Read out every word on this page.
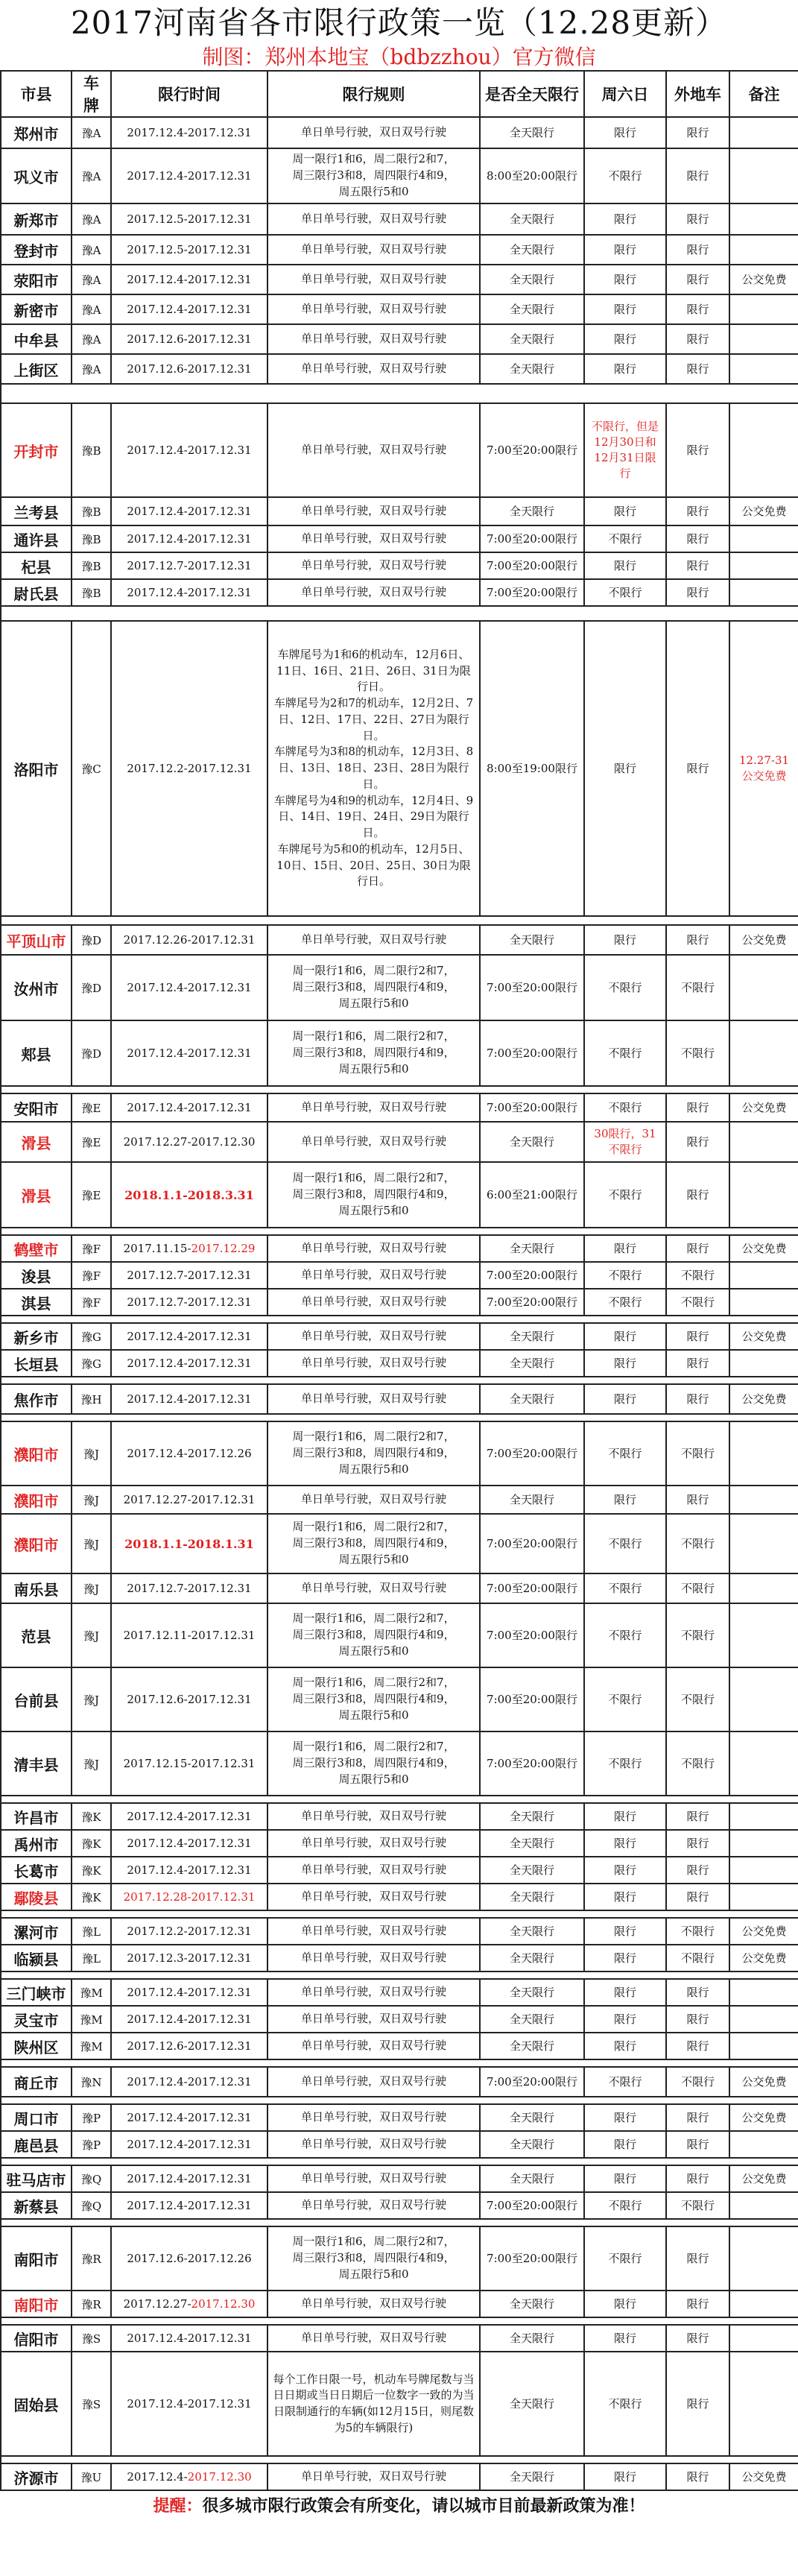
2017河南省各市限行政策一览（12.28更新）
制图：郑州本地宝（bdbzzhou）官方微信
市县	车牌	限行时间	限行规则	是否全天限行	周六日	外地车	备注
郑州市	豫A	2017.12.4-2017.12.31	单日单号行驶，双日双号行驶	全天限行	限行	限行	
巩义市	豫A	2017.12.4-2017.12.31	周一限行1和6，周二限行2和7，
周三限行3和8，周四限行4和9，
周五限行5和0	8:00至20:00限行	不限行	限行	
新郑市	豫A	2017.12.5-2017.12.31	单日单号行驶，双日双号行驶	全天限行	限行	限行	
登封市	豫A	2017.12.5-2017.12.31	单日单号行驶，双日双号行驶	全天限行	限行	限行	
荥阳市	豫A	2017.12.4-2017.12.31	单日单号行驶，双日双号行驶	全天限行	限行	限行	公交免费
新密市	豫A	2017.12.4-2017.12.31	单日单号行驶，双日双号行驶	全天限行	限行	限行	
中牟县	豫A	2017.12.6-2017.12.31	单日单号行驶，双日双号行驶	全天限行	限行	限行	
上街区	豫A	2017.12.6-2017.12.31	单日单号行驶，双日双号行驶	全天限行	限行	限行	

开封市	豫B	2017.12.4-2017.12.31	单日单号行驶，双日双号行驶	7:00至20:00限行	不限行，但是12月30日和12月31日限行	限行	
兰考县	豫B	2017.12.4-2017.12.31	单日单号行驶，双日双号行驶	全天限行	限行	限行	公交免费
通许县	豫B	2017.12.4-2017.12.31	单日单号行驶，双日双号行驶	7:00至20:00限行	不限行	限行	
杞县	豫B	2017.12.7-2017.12.31	单日单号行驶，双日双号行驶	7:00至20:00限行	限行	限行	
尉氏县	豫B	2017.12.4-2017.12.31	单日单号行驶，双日双号行驶	7:00至20:00限行	不限行	限行	

洛阳市	豫C	2017.12.2-2017.12.31	车牌尾号为1和6的机动车，12月6日、11日、16日、21日、26日、31日为限行日。
车牌尾号为2和7的机动车，12月2日、7日、12日、17日、22日、27日为限行日。
车牌尾号为3和8的机动车，12月3日、8日、13日、18日、23日、28日为限行日。
车牌尾号为4和9的机动车，12月4日、9日、14日、19日、24日、29日为限行日。
车牌尾号为5和0的机动车，12月5日、10日、15日、20日、25日、30日为限行日。	8:00至19:00限行	限行	限行	12.27-31公交免费

平顶山市	豫D	2017.12.26-2017.12.31	单日单号行驶，双日双号行驶	全天限行	限行	限行	公交免费
汝州市	豫D	2017.12.4-2017.12.31	周一限行1和6，周二限行2和7，
周三限行3和8，周四限行4和9，
周五限行5和0	7:00至20:00限行	不限行	不限行	
郏县	豫D	2017.12.4-2017.12.31	周一限行1和6，周二限行2和7，
周三限行3和8，周四限行4和9，
周五限行5和0	7:00至20:00限行	不限行	不限行	

安阳市	豫E	2017.12.4-2017.12.31	单日单号行驶，双日双号行驶	7:00至20:00限行	不限行	限行	公交免费
滑县	豫E	2017.12.27-2017.12.30	单日单号行驶，双日双号行驶	全天限行	30限行，31不限行	限行	
滑县	豫E	2018.1.1-2018.3.31	周一限行1和6，周二限行2和7，
周三限行3和8，周四限行4和9，
周五限行5和0	6:00至21:00限行	不限行	限行	

鹤壁市	豫F	2017.11.15-2017.12.29	单日单号行驶，双日双号行驶	全天限行	限行	限行	公交免费
浚县	豫F	2017.12.7-2017.12.31	单日单号行驶，双日双号行驶	7:00至20:00限行	不限行	不限行	
淇县	豫F	2017.12.7-2017.12.31	单日单号行驶，双日双号行驶	7:00至20:00限行	不限行	不限行	

新乡市	豫G	2017.12.4-2017.12.31	单日单号行驶，双日双号行驶	全天限行	限行	限行	公交免费
长垣县	豫G	2017.12.4-2017.12.31	单日单号行驶，双日双号行驶	全天限行	限行	限行	

焦作市	豫H	2017.12.4-2017.12.31	单日单号行驶，双日双号行驶	全天限行	限行	限行	公交免费

濮阳市	豫J	2017.12.4-2017.12.26	周一限行1和6，周二限行2和7，
周三限行3和8，周四限行4和9，
周五限行5和0	7:00至20:00限行	不限行	不限行	
濮阳市	豫J	2017.12.27-2017.12.31	单日单号行驶，双日双号行驶	全天限行	限行	限行	
濮阳市	豫J	2018.1.1-2018.1.31	周一限行1和6，周二限行2和7，
周三限行3和8，周四限行4和9，
周五限行5和0	7:00至20:00限行	不限行	不限行	
南乐县	豫J	2017.12.7-2017.12.31	单日单号行驶，双日双号行驶	7:00至20:00限行	不限行	不限行	
范县	豫J	2017.12.11-2017.12.31	周一限行1和6，周二限行2和7，
周三限行3和8，周四限行4和9，
周五限行5和0	7:00至20:00限行	不限行	不限行	
台前县	豫J	2017.12.6-2017.12.31	周一限行1和6，周二限行2和7，
周三限行3和8，周四限行4和9，
周五限行5和0	7:00至20:00限行	不限行	不限行	
清丰县	豫J	2017.12.15-2017.12.31	周一限行1和6，周二限行2和7，
周三限行3和8，周四限行4和9，
周五限行5和0	7:00至20:00限行	不限行	不限行	

许昌市	豫K	2017.12.4-2017.12.31	单日单号行驶，双日双号行驶	全天限行	限行	限行	
禹州市	豫K	2017.12.4-2017.12.31	单日单号行驶，双日双号行驶	全天限行	限行	限行	
长葛市	豫K	2017.12.4-2017.12.31	单日单号行驶，双日双号行驶	全天限行	限行	限行	
鄢陵县	豫K	2017.12.28-2017.12.31	单日单号行驶，双日双号行驶	全天限行	限行	限行	

漯河市	豫L	2017.12.2-2017.12.31	单日单号行驶，双日双号行驶	全天限行	限行	不限行	公交免费
临颍县	豫L	2017.12.3-2017.12.31	单日单号行驶，双日双号行驶	全天限行	限行	不限行	公交免费

三门峡市	豫M	2017.12.4-2017.12.31	单日单号行驶，双日双号行驶	全天限行	限行	限行	
灵宝市	豫M	2017.12.4-2017.12.31	单日单号行驶，双日双号行驶	全天限行	限行	限行	
陕州区	豫M	2017.12.6-2017.12.31	单日单号行驶，双日双号行驶	全天限行	限行	限行	

商丘市	豫N	2017.12.4-2017.12.31	单日单号行驶，双日双号行驶	7:00至20:00限行	不限行	不限行	公交免费

周口市	豫P	2017.12.4-2017.12.31	单日单号行驶，双日双号行驶	全天限行	限行	限行	公交免费
鹿邑县	豫P	2017.12.4-2017.12.31	单日单号行驶，双日双号行驶	全天限行	限行	限行	

驻马店市	豫Q	2017.12.4-2017.12.31	单日单号行驶，双日双号行驶	全天限行	限行	限行	公交免费
新蔡县	豫Q	2017.12.4-2017.12.31	单日单号行驶，双日双号行驶	7:00至20:00限行	不限行	不限行	

南阳市	豫R	2017.12.6-2017.12.26	周一限行1和6，周二限行2和7，
周三限行3和8，周四限行4和9，
周五限行5和0	7:00至20:00限行	不限行	限行	
南阳市	豫R	2017.12.27-2017.12.30	单日单号行驶，双日双号行驶	全天限行	限行	限行	

信阳市	豫S	2017.12.4-2017.12.31	单日单号行驶，双日双号行驶	全天限行	限行	限行	
固始县	豫S	2017.12.4-2017.12.31	每个工作日限一号，机动车号牌尾数与当日日期或当日日期后一位数字一致的为当日限制通行的车辆(如12月15日，则尾数为5的车辆限行)	全天限行	不限行	限行	

济源市	豫U	2017.12.4-2017.12.30	单日单号行驶，双日双号行驶	全天限行	限行	限行	公交免费
提醒：很多城市限行政策会有所变化，请以城市目前最新政策为准！
